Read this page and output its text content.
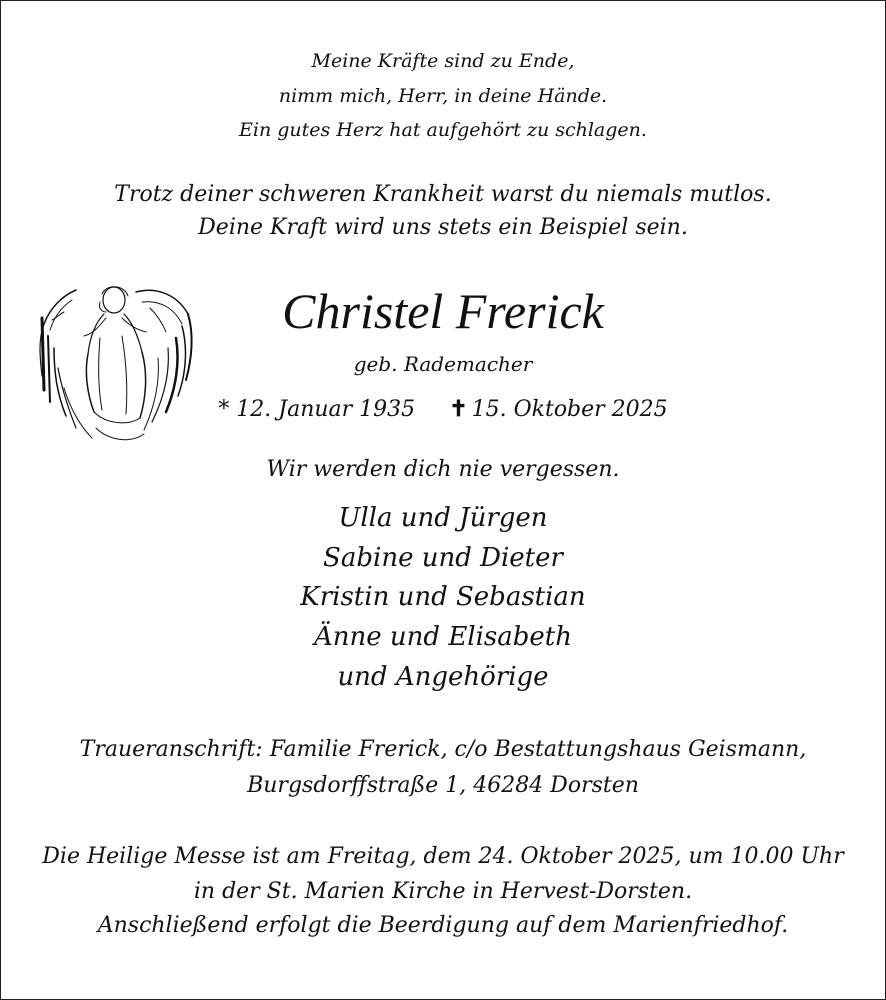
Meine Kräfte sind zu Ende,
nimm mich, Herr, in deine Hände.
Ein gutes Herz hat aufgehört zu schlagen.
Trotz deiner schweren Krankheit warst du niemals mutlos.
Deine Kraft wird uns stets ein Beispiel sein.
Christel Frerick
geb. Rademacher
* 12. Januar 1935 ✝ 15. Oktober 2025
Wir werden dich nie vergessen.
Ulla und Jürgen
Sabine und Dieter
Kristin und Sebastian
Änne und Elisabeth
und Angehörige
Traueranschrift: Familie Frerick, c/o Bestattungshaus Geismann,
Burgsdorffstraße 1, 46284 Dorsten
Die Heilige Messe ist am Freitag, dem 24. Oktober 2025, um 10.00 Uhr
in der St. Marien Kirche in Hervest-Dorsten.
Anschließend erfolgt die Beerdigung auf dem Marienfriedhof.
